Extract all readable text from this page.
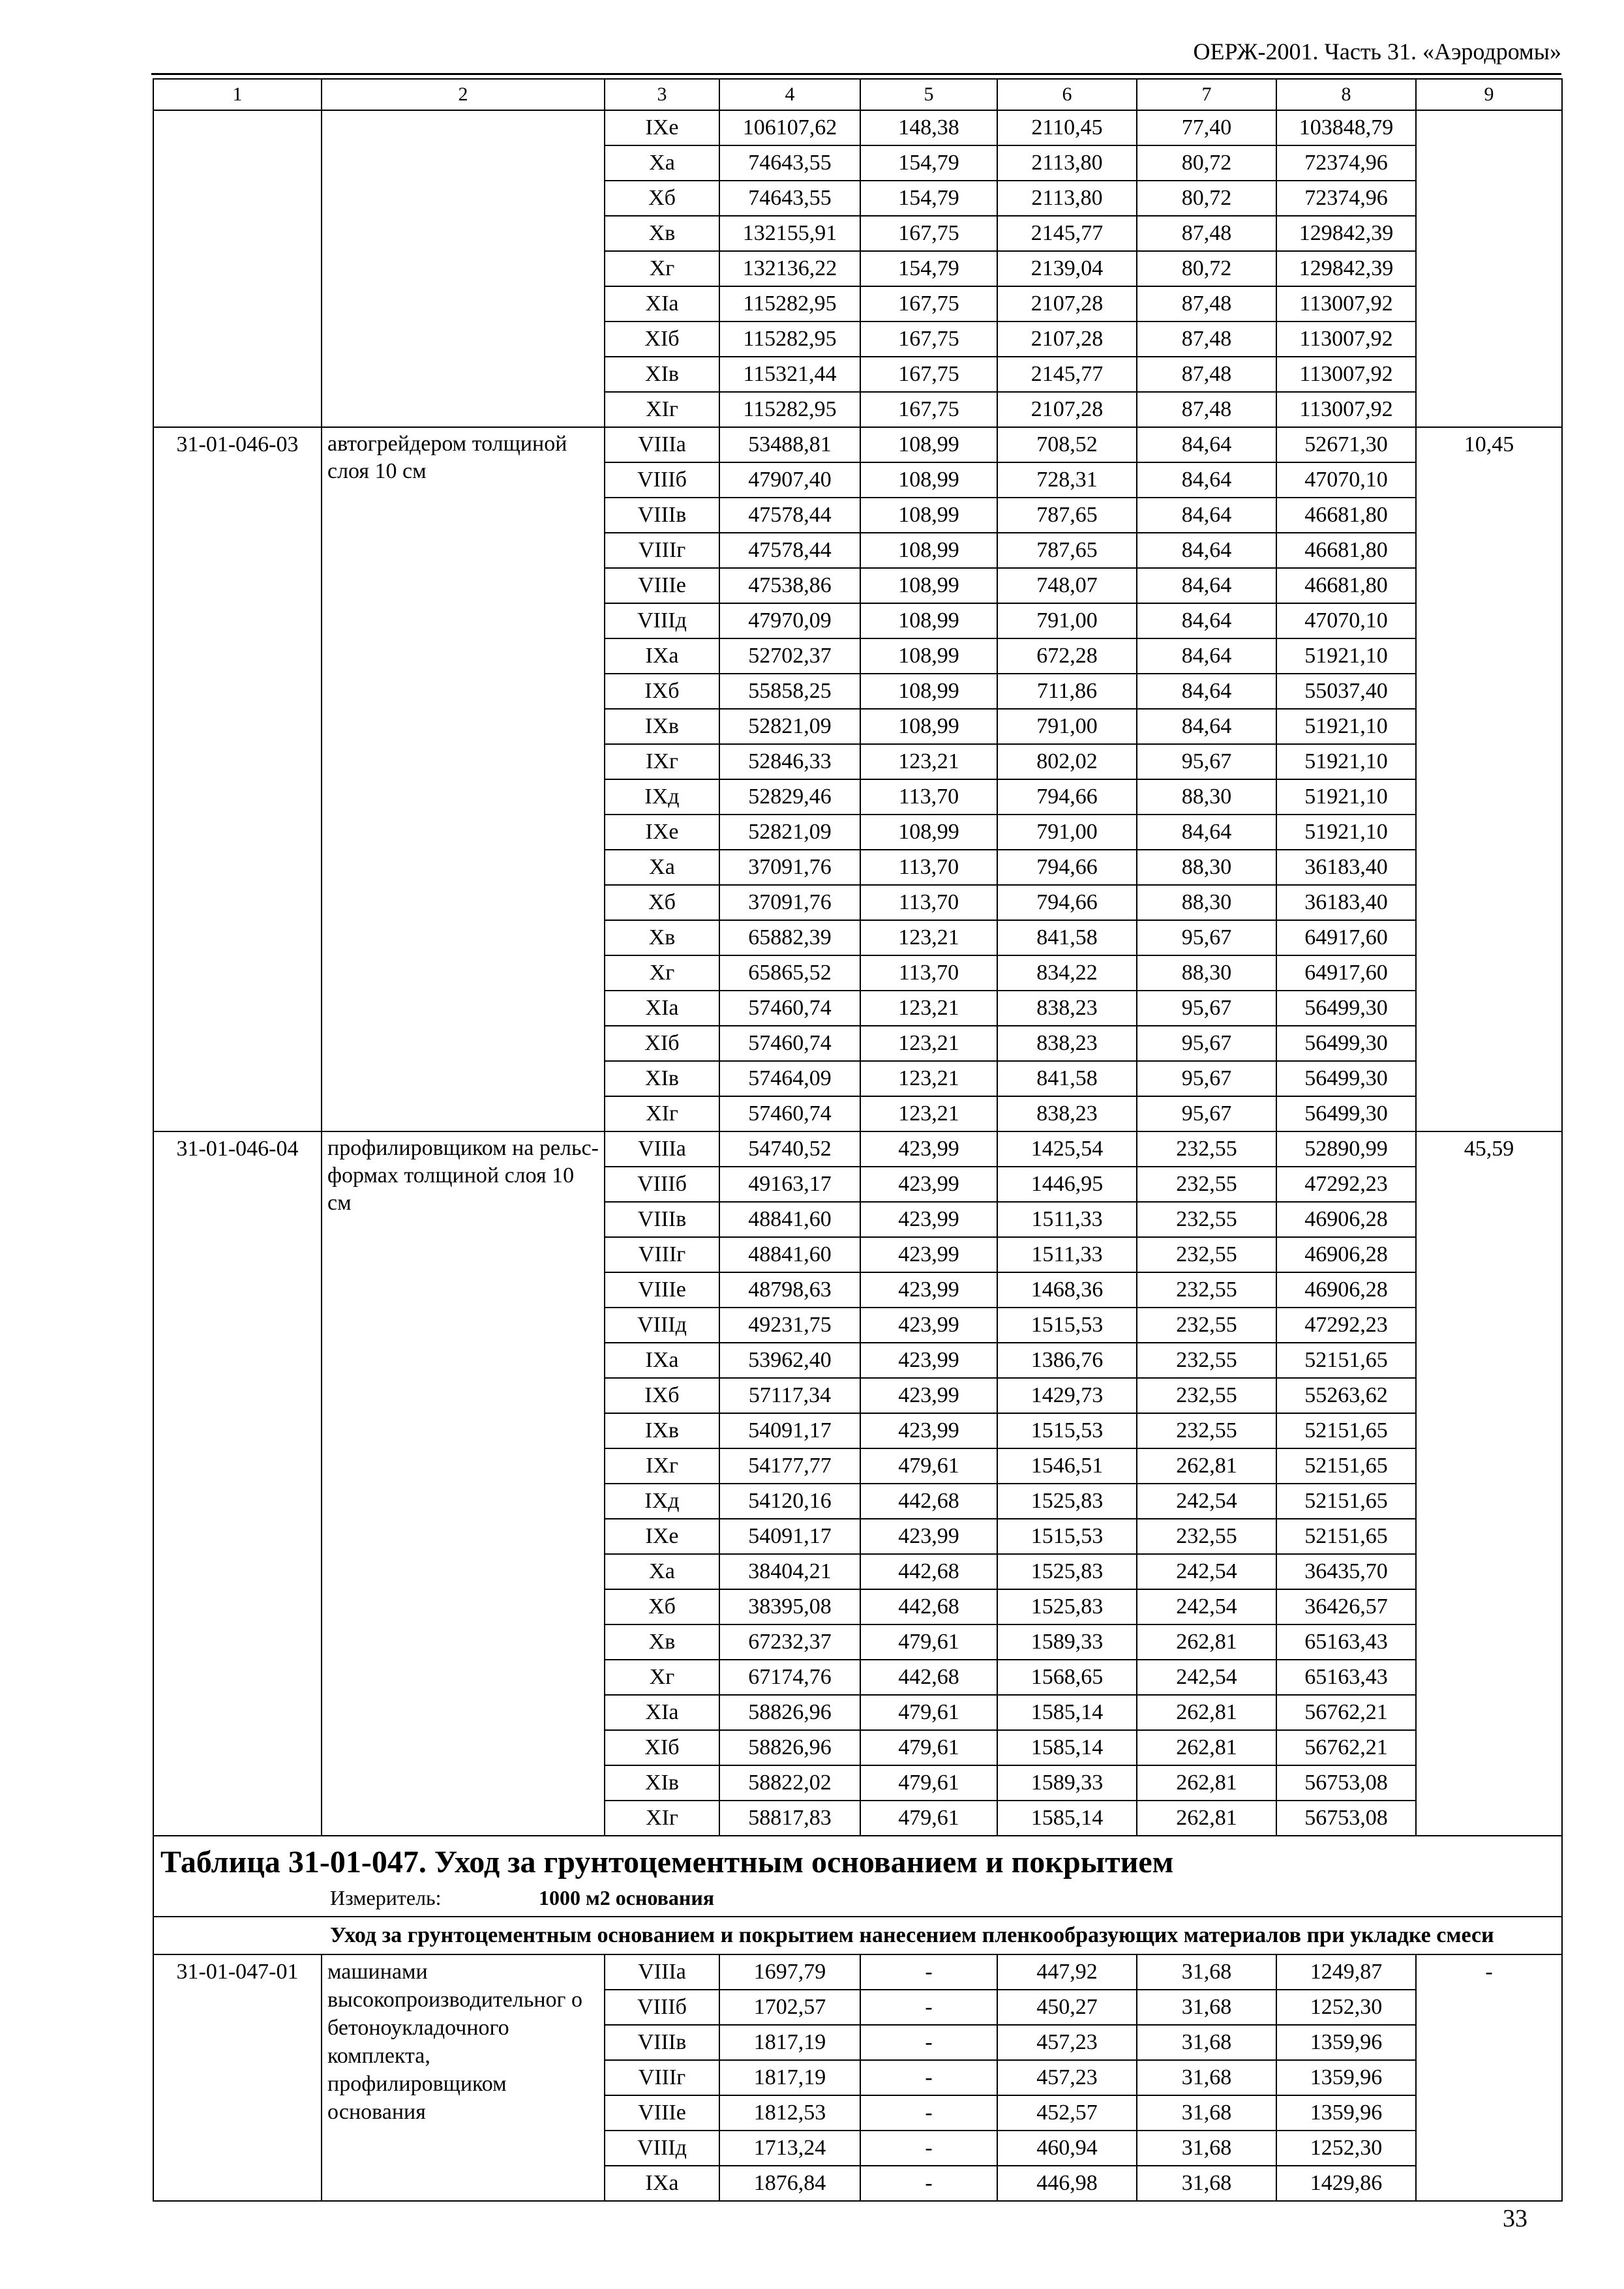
ОЕРЖ-2001. Часть 31. «Аэродромы»
1	2	3	4	5	6	7	8	9
		IXe	106107,62	148,38	2110,45	77,40	103848,79	
		Xa	74643,55	154,79	2113,80	80,72	72374,96	
		Xб	74643,55	154,79	2113,80	80,72	72374,96	
		Xв	132155,91	167,75	2145,77	87,48	129842,39	
		Xг	132136,22	154,79	2139,04	80,72	129842,39	
		XIa	115282,95	167,75	2107,28	87,48	113007,92	
		XIб	115282,95	167,75	2107,28	87,48	113007,92	
		XIв	115321,44	167,75	2145,77	87,48	113007,92	
		XIг	115282,95	167,75	2107,28	87,48	113007,92	
31-01-046-03	автогрейдером толщиной слоя 10 см	VIIIa	53488,81	108,99	708,52	84,64	52671,30	10,45
		VIIIб	47907,40	108,99	728,31	84,64	47070,10	
		VIIIв	47578,44	108,99	787,65	84,64	46681,80	
		VIIIг	47578,44	108,99	787,65	84,64	46681,80	
		VIIIe	47538,86	108,99	748,07	84,64	46681,80	
		VIIIд	47970,09	108,99	791,00	84,64	47070,10	
		IXa	52702,37	108,99	672,28	84,64	51921,10	
		IXб	55858,25	108,99	711,86	84,64	55037,40	
		IXв	52821,09	108,99	791,00	84,64	51921,10	
		IXг	52846,33	123,21	802,02	95,67	51921,10	
		IXд	52829,46	113,70	794,66	88,30	51921,10	
		IXe	52821,09	108,99	791,00	84,64	51921,10	
		Xa	37091,76	113,70	794,66	88,30	36183,40	
		Xб	37091,76	113,70	794,66	88,30	36183,40	
		Xв	65882,39	123,21	841,58	95,67	64917,60	
		Xг	65865,52	113,70	834,22	88,30	64917,60	
		XIa	57460,74	123,21	838,23	95,67	56499,30	
		XIб	57460,74	123,21	838,23	95,67	56499,30	
		XIв	57464,09	123,21	841,58	95,67	56499,30	
		XIг	57460,74	123,21	838,23	95,67	56499,30	
31-01-046-04	профилировщиком на рельс-формах толщиной слоя 10 см	VIIIa	54740,52	423,99	1425,54	232,55	52890,99	45,59
		VIIIб	49163,17	423,99	1446,95	232,55	47292,23	
		VIIIв	48841,60	423,99	1511,33	232,55	46906,28	
		VIIIг	48841,60	423,99	1511,33	232,55	46906,28	
		VIIIe	48798,63	423,99	1468,36	232,55	46906,28	
		VIIIд	49231,75	423,99	1515,53	232,55	47292,23	
		IXa	53962,40	423,99	1386,76	232,55	52151,65	
		IXб	57117,34	423,99	1429,73	232,55	55263,62	
		IXв	54091,17	423,99	1515,53	232,55	52151,65	
		IXг	54177,77	479,61	1546,51	262,81	52151,65	
		IXд	54120,16	442,68	1525,83	242,54	52151,65	
		IXe	54091,17	423,99	1515,53	232,55	52151,65	
		Xa	38404,21	442,68	1525,83	242,54	36435,70	
		Xб	38395,08	442,68	1525,83	242,54	36426,57	
		Xв	67232,37	479,61	1589,33	262,81	65163,43	
		Xг	67174,76	442,68	1568,65	242,54	65163,43	
		XIa	58826,96	479,61	1585,14	262,81	56762,21	
		XIб	58826,96	479,61	1585,14	262,81	56762,21	
		XIв	58822,02	479,61	1589,33	262,81	56753,08	
		XIг	58817,83	479,61	1585,14	262,81	56753,08	

Таблица 31-01-047. Уход за грунтоцементным основанием и покрытием
Измеритель: 1000 м2 основания								

Уход за грунтоцементным основанием и покрытием нанесением пленкообразующих материалов при укладке смеси								

31-01-047-01	машинами высокопроизводительног о бетоноукладочного комплекта, профилировщиком основания	VIIIa	1697,79	-	447,92	31,68	1249,87	-
		VIIIб	1702,57	-	450,27	31,68	1252,30	
		VIIIв	1817,19	-	457,23	31,68	1359,96	
		VIIIг	1817,19	-	457,23	31,68	1359,96	
		VIIIe	1812,53	-	452,57	31,68	1359,96	
		VIIIд	1713,24	-	460,94	31,68	1252,30	
		IXa	1876,84	-	446,98	31,68	1429,86	
33
